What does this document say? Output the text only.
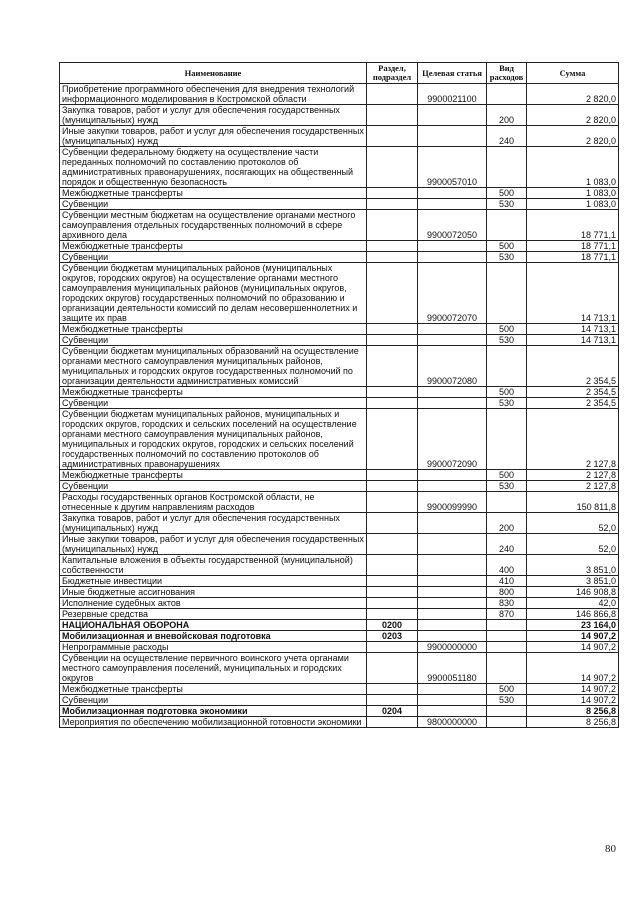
Наименование	Раздел, подраздел	Целевая статья	Вид расходов	Сумма
Приобретение программного обеспечения для внедрения технологий информационного моделирования в Костромской области		9900021100		2 820,0
Закупка товаров, работ и услуг для обеспечения государственных (муниципальных) нужд			200	2 820,0
Иные закупки товаров, работ и услуг для обеспечения государственных (муниципальных) нужд			240	2 820,0
Субвенции федеральному бюджету на осуществление части переданных полномочий по составлению протоколов об административных правонарушениях, посягающих на общественный порядок и общественную безопасность		9900057010		1 083,0
Межбюджетные трансферты			500	1 083,0
Субвенции			530	1 083,0
Субвенции местным бюджетам на осуществление органами местного самоуправления отдельных государственных полномочий в сфере архивного дела		9900072050		18 771,1
Межбюджетные трансферты			500	18 771,1
Субвенции			530	18 771,1
Субвенции бюджетам муниципальных районов (муниципальных округов, городских округов) на осуществление органами местного самоуправления муниципальных районов (муниципальных округов, городских округов) государственных полномочий по образованию и организации деятельности комиссий по делам несовершеннолетних и защите их прав		9900072070		14 713,1
Межбюджетные трансферты			500	14 713,1
Субвенции			530	14 713,1
Субвенции бюджетам муниципальных образований на осуществление органами местного самоуправления муниципальных районов, муниципальных и городских округов государственных полномочий по организации деятельности административных комиссий		9900072080		2 354,5
Межбюджетные трансферты			500	2 354,5
Субвенции			530	2 354,5
Субвенции бюджетам муниципальных районов, муниципальных и городских округов, городских и сельских поселений на осуществление органами местного самоуправления муниципальных районов, муниципальных и городских округов, городских и сельских поселений государственных полномочий по составлению протоколов об административных правонарушениях		9900072090		2 127,8
Межбюджетные трансферты			500	2 127,8
Субвенции			530	2 127,8
Расходы государственных органов Костромской области, не отнесенные к другим направлениям расходов		9900099990		150 811,8
Закупка товаров, работ и услуг для обеспечения государственных (муниципальных) нужд			200	52,0
Иные закупки товаров, работ и услуг для обеспечения государственных (муниципальных) нужд			240	52,0
Капитальные вложения в объекты государственной (муниципальной) собственности			400	3 851,0
Бюджетные инвестиции			410	3 851,0
Иные бюджетные ассигнования			800	146 908,8
Исполнение судебных актов			830	42,0
Резервные средства			870	146 866,8
НАЦИОНАЛЬНАЯ ОБОРОНА	0200			23 164,0
Мобилизационная и вневойсковая подготовка	0203			14 907,2
Непрограммные расходы		9900000000		14 907,2
Субвенции на осуществление первичного воинского учета органами местного самоуправления поселений, муниципальных и городских округов		9900051180		14 907,2
Межбюджетные трансферты			500	14 907,2
Субвенции			530	14 907,2
Мобилизационная подготовка экономики	0204			8 256,8
Мероприятия по обеспечению мобилизационной готовности экономики		9800000000		8 256,8
80
